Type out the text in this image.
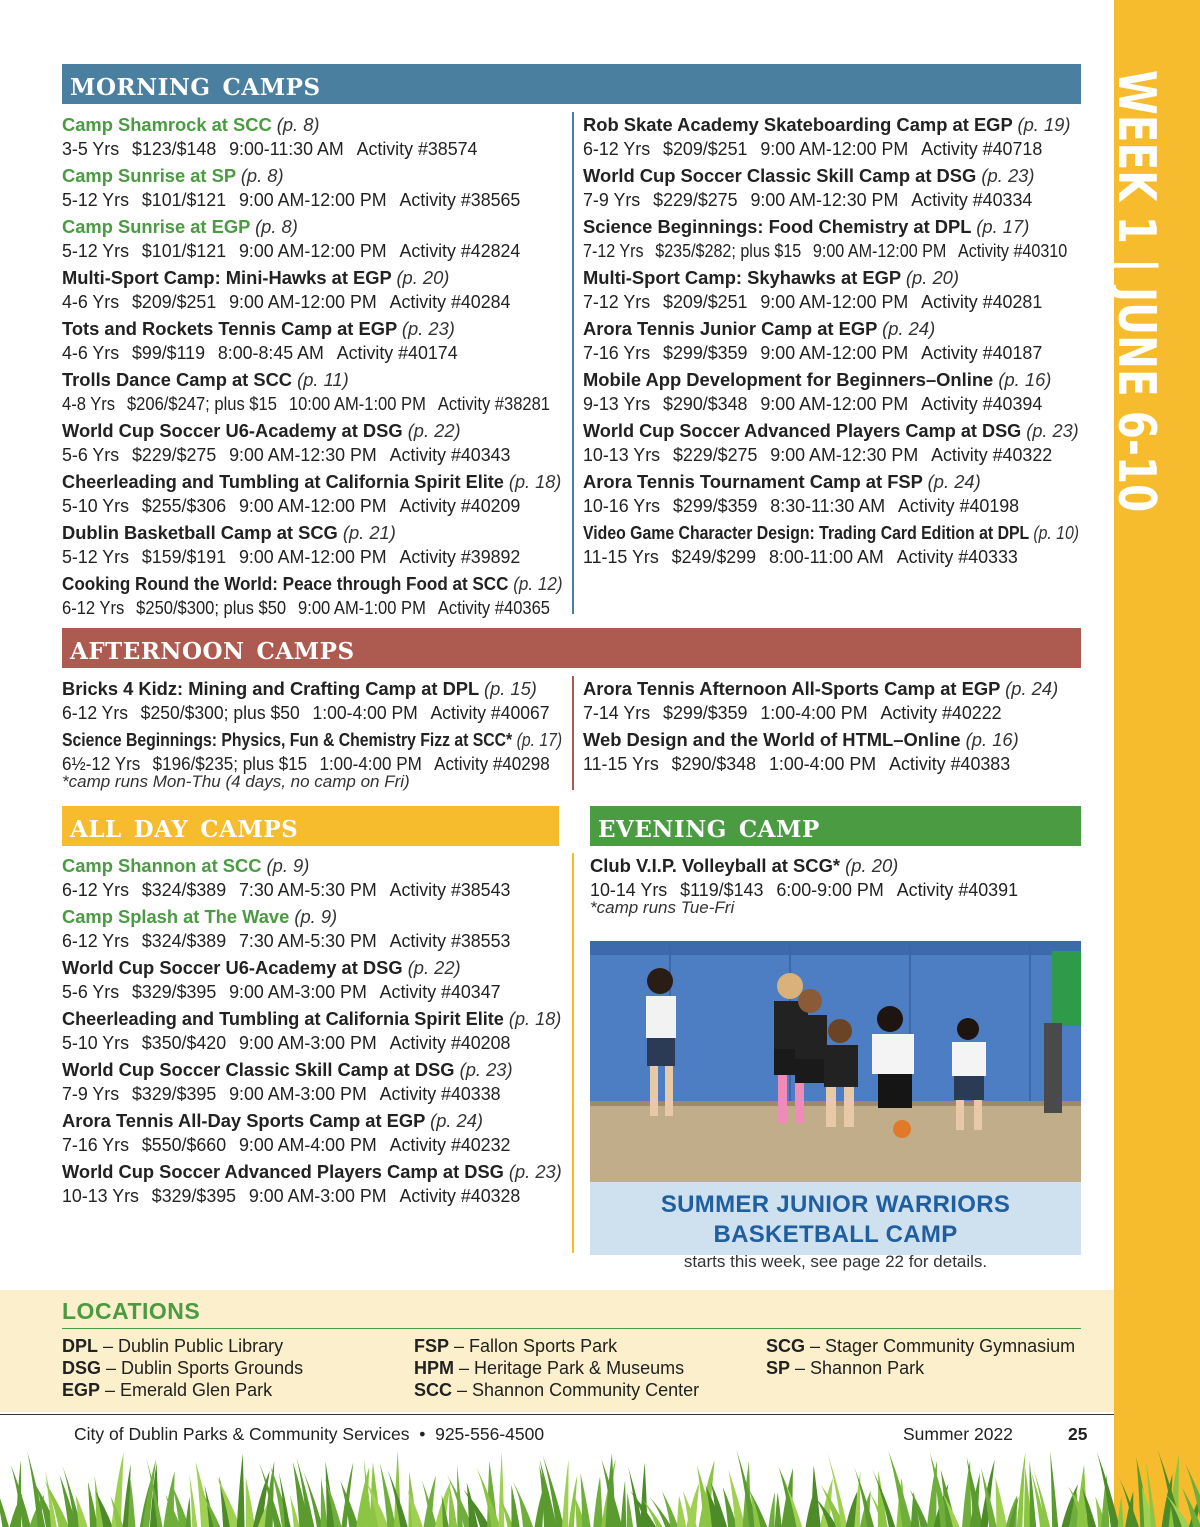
WEEK 1 | JUNE 6-10
morning camps
afternoon camps
all day camps	evening camp
Camp Shamrock at SCC (p. 8)
3-5 Yrs $123/$148 9:00-11:30 AM Activity #38574
Camp Sunrise at SP (p. 8)
5-12 Yrs $101/$121 9:00 AM-12:00 PM Activity #38565
Camp Sunrise at EGP (p. 8)
5-12 Yrs $101/$121 9:00 AM-12:00 PM Activity #42824
Multi-Sport Camp: Mini-Hawks at EGP (p. 20)
4-6 Yrs $209/$251 9:00 AM-12:00 PM Activity #40284
Tots and Rockets Tennis Camp at EGP (p. 23)
4-6 Yrs $99/$119 8:00-8:45 AM Activity #40174
Trolls Dance Camp at SCC (p. 11)
4-8 Yrs $206/$247; plus $15 10:00 AM-1:00 PM Activity #38281
World Cup Soccer U6-Academy at DSG (p. 22)
5-6 Yrs $229/$275 9:00 AM-12:30 PM Activity #40343
Cheerleading and Tumbling at California Spirit Elite (p. 18)
5-10 Yrs $255/$306 9:00 AM-12:00 PM Activity #40209
Dublin Basketball Camp at SCG (p. 21)
5-12 Yrs $159/$191 9:00 AM-12:00 PM Activity #39892
Cooking Round the World: Peace through Food at SCC (p. 12)
6-12 Yrs $250/$300; plus $50 9:00 AM-1:00 PM Activity #40365
Rob Skate Academy Skateboarding Camp at EGP (p. 19)
6-12 Yrs $209/$251 9:00 AM-12:00 PM Activity #40718
World Cup Soccer Classic Skill Camp at DSG (p. 23)
7-9 Yrs $229/$275 9:00 AM-12:30 PM Activity #40334
Science Beginnings: Food Chemistry at DPL (p. 17)
7-12 Yrs $235/$282; plus $15 9:00 AM-12:00 PM Activity #40310
Multi-Sport Camp: Skyhawks at EGP (p. 20)
7-12 Yrs $209/$251 9:00 AM-12:00 PM Activity #40281
Arora Tennis Junior Camp at EGP (p. 24)
7-16 Yrs $299/$359 9:00 AM-12:00 PM Activity #40187
Mobile App Development for Beginners–Online (p. 16)
9-13 Yrs $290/$348 9:00 AM-12:00 PM Activity #40394
World Cup Soccer Advanced Players Camp at DSG (p. 23)
10-13 Yrs $229/$275 9:00 AM-12:30 PM Activity #40322
Arora Tennis Tournament Camp at FSP (p. 24)
10-16 Yrs $299/$359 8:30-11:30 AM Activity #40198
Video Game Character Design: Trading Card Edition at DPL (p. 10)
11-15 Yrs $249/$299 8:00-11:00 AM Activity #40333
Bricks 4 Kidz: Mining and Crafting Camp at DPL (p. 15)
6-12 Yrs $250/$300; plus $50 1:00-4:00 PM Activity #40067
Science Beginnings: Physics, Fun & Chemistry Fizz at SCC* (p. 17)
6½-12 Yrs $196/$235; plus $15 1:00-4:00 PM Activity #40298
*camp runs Mon-Thu (4 days, no camp on Fri)
Arora Tennis Afternoon All-Sports Camp at EGP (p. 24)
7-14 Yrs $299/$359 1:00-4:00 PM Activity #40222
Web Design and the World of HTML–Online (p. 16)
11-15 Yrs $290/$348 1:00-4:00 PM Activity #40383
Camp Shannon at SCC (p. 9)
6-12 Yrs $324/$389 7:30 AM-5:30 PM Activity #38543
Camp Splash at The Wave (p. 9)
6-12 Yrs $324/$389 7:30 AM-5:30 PM Activity #38553
World Cup Soccer U6-Academy at DSG (p. 22)
5-6 Yrs $329/$395 9:00 AM-3:00 PM Activity #40347
Cheerleading and Tumbling at California Spirit Elite (p. 18)
5-10 Yrs $350/$420 9:00 AM-3:00 PM Activity #40208
World Cup Soccer Classic Skill Camp at DSG (p. 23)
7-9 Yrs $329/$395 9:00 AM-3:00 PM Activity #40338
Arora Tennis All-Day Sports Camp at EGP (p. 24)
7-16 Yrs $550/$660 9:00 AM-4:00 PM Activity #40232
World Cup Soccer Advanced Players Camp at DSG (p. 23)
10-13 Yrs $329/$395 9:00 AM-3:00 PM Activity #40328
Club V.I.P. Volleyball at SCG* (p. 20)
10-14 Yrs $119/$143 6:00-9:00 PM Activity #40391
*camp runs Tue-Fri
SUMMER JUNIOR WARRIORS BASKETBALL CAMP
starts this week, see page 22 for details.
LOCATIONS
DPL – Dublin Public Library
DSG – Dublin Sports Grounds
EGP – Emerald Glen Park
FSP – Fallon Sports Park
HPM – Heritage Park & Museums
SCC – Shannon Community Center
SCG – Stager Community Gymnasium
SP – Shannon Park
City of Dublin Parks & Community Services  •  925-556-4500	Summer 2022	25
